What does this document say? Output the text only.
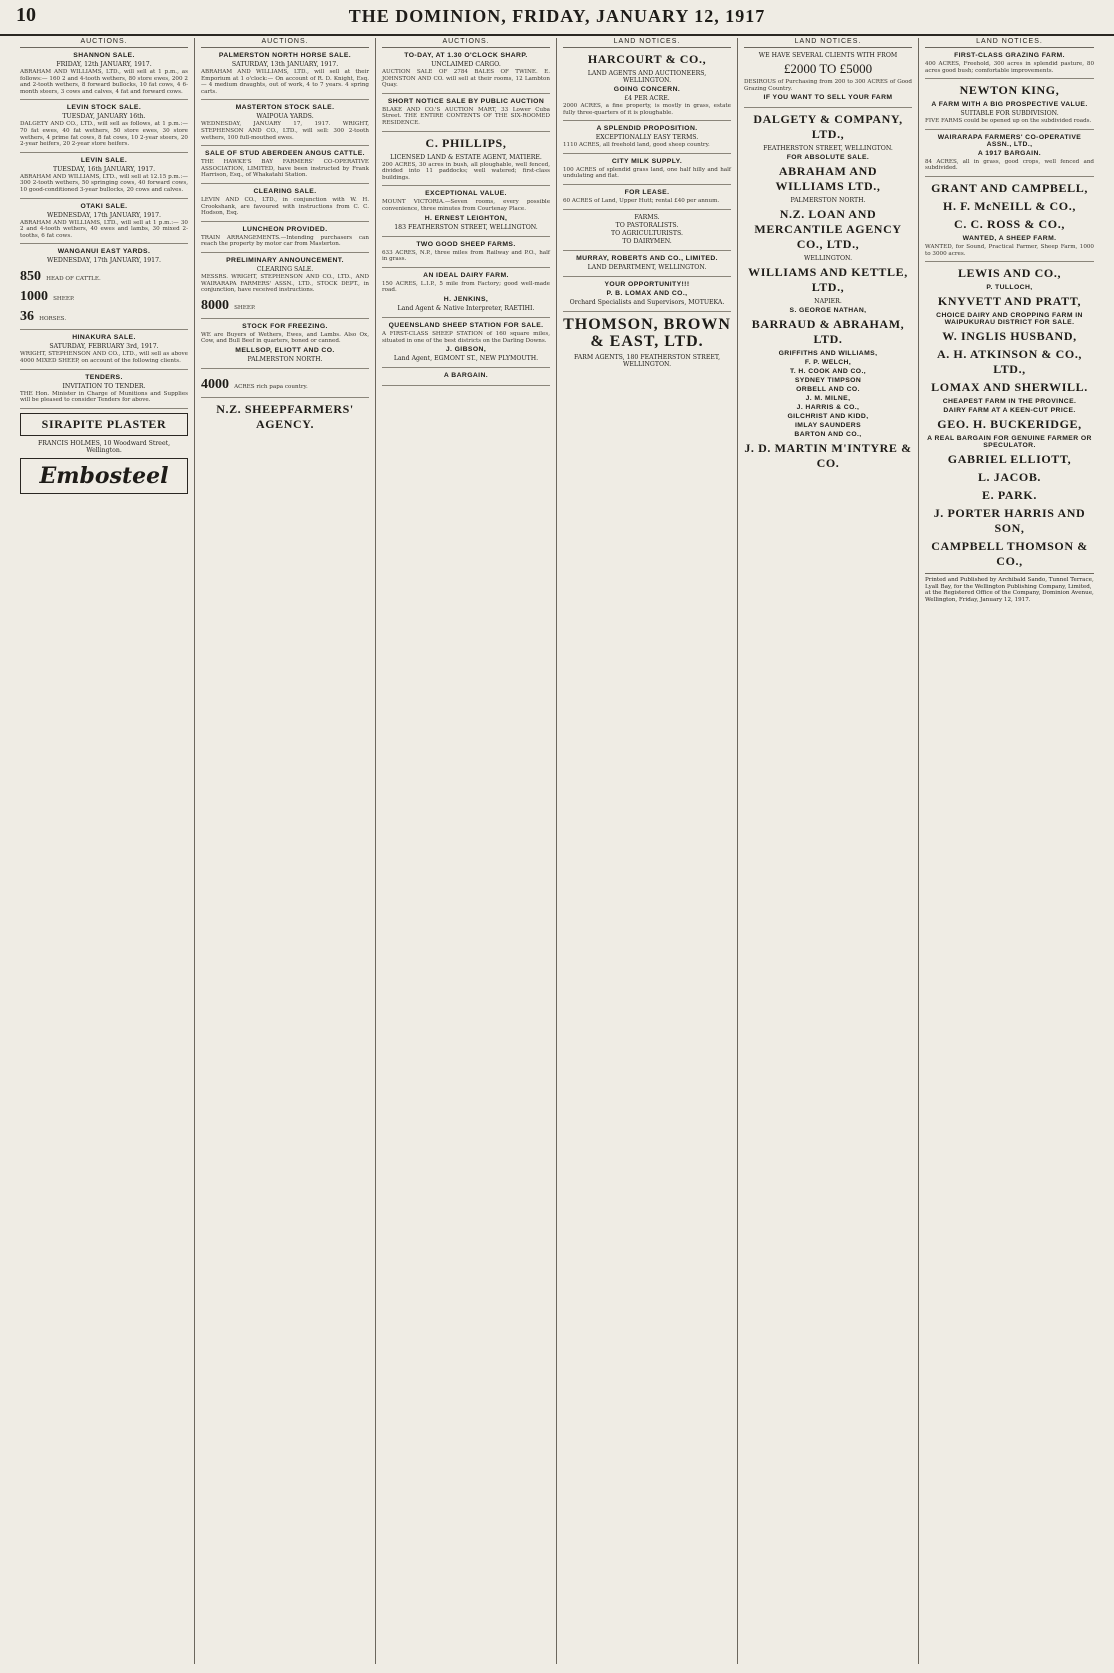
10	THE DOMINION, FRIDAY, JANUARY 12, 1917
AUCTIONS.
SHANNON SALE.
FRIDAY, 12th JANUARY, 1917.
ABRAHAM AND WILLIAMS, LTD., will sell at 1 p.m., as follows:— 160 2 and 4-tooth wethers, 80 store ewes, 200 2 and 2-tooth wethers, 8 forward bullocks, 10 fat cows, 4 6-month steers, 3 cows and calves, 4 fat and forward cows.
LEVIN STOCK SALE.
TUESDAY, JANUARY 16th.
DALGETY AND CO., LTD., will sell as follows, at 1 p.m.:— 70 fat ewes, 40 fat wethers, 50 store ewes, 30 store wethers, 4 prime fat cows, 8 fat cows, 10 2-year steers, 20 2-year heifers, 20 2-year store heifers.
LEVIN SALE.
TUESDAY, 16th JANUARY, 1917.
ABRAHAM AND WILLIAMS, LTD., will sell at 12.15 p.m.:— 300 2-tooth wethers, 50 springing cows, 40 forward cows, 10 good-conditioned 3-year bullocks, 20 cows and calves.
OTAKI SALE.
WEDNESDAY, 17th JANUARY, 1917.
ABRAHAM AND WILLIAMS, LTD., will sell at 1 p.m.:— 30 2 and 4-tooth wethers, 40 ewes and lambs, 30 mixed 2-tooths, 6 fat cows.
WANGANUI EAST YARDS.
WEDNESDAY, 17th JANUARY, 1917.
850 HEAD OF CATTLE.
1000 SHEEP.
36 HORSES.
HINAKURA SALE.
SATURDAY, FEBRUARY 3rd, 1917.
WRIGHT, STEPHENSON AND CO., LTD., will sell as above 4000 MIXED SHEEP, on account of the following clients.
TENDERS.
INVITATION TO TENDER.
THE Hon. Minister in Charge of Munitions and Supplies will be pleased to consider Tenders for above.
SIRAPITE PLASTER
FRANCIS HOLMES, 10 Woodward Street, Wellington.
Embosteel
AUCTIONS.
PALMERSTON NORTH HORSE SALE.
SATURDAY, 13th JANUARY, 1917.
ABRAHAM AND WILLIAMS, LTD., will sell at their Emporium at 1 o'clock:— On account of R. D. Knight, Esq.— 4 medium draughts, out of work, 4 to 7 years. 4 spring carts.
MASTERTON STOCK SALE.
WAIPOUA YARDS.
WEDNESDAY, JANUARY 17, 1917. WRIGHT, STEPHENSON AND CO., LTD., will sell: 300 2-tooth wethers, 100 full-mouthed ewes.
SALE OF STUD ABERDEEN ANGUS CATTLE.
THE HAWKE'S BAY FARMERS' CO-OPERATIVE ASSOCIATION, LIMITED, have been instructed by Frank Harrison, Esq., of Whakatahi Station.
CLEARING SALE.
LEVIN AND CO., LTD., in conjunction with W. H. Crookshank, are favoured with instructions from C. C. Hodson, Esq.
LUNCHEON PROVIDED.
TRAIN ARRANGEMENTS.—Intending purchasers can reach the property by motor car from Masterton.
PRELIMINARY ANNOUNCEMENT.
CLEARING SALE.
MESSRS. WRIGHT, STEPHENSON AND CO., LTD., AND WAIRARAPA FARMERS' ASSN., LTD., STOCK DEPT., in conjunction, have received instructions.
8000 SHEEP.
STOCK FOR FREEZING.
WE are Buyers of Wethers, Ewes, and Lambs. Also Ox, Cow, and Bull Beef in quarters, boned or canned.
MELLSOP, ELIOTT AND CO.
PALMERSTON NORTH.
4000 ACRES rich papa country.
N.Z. SHEEPFARMERS' AGENCY.
AUCTIONS.
TO-DAY, AT 1.30 O'CLOCK SHARP.
UNCLAIMED CARGO.
AUCTION SALE OF 2784 BALES OF TWINE. E. JOHNSTON AND CO. will sell at their rooms, 12 Lambton Quay.
SHORT NOTICE SALE BY PUBLIC AUCTION
BLAKE AND CO.'S AUCTION MART, 33 Lower Cuba Street. THE ENTIRE CONTENTS OF THE SIX-ROOMED RESIDENCE.
C. PHILLIPS,
LICENSED LAND & ESTATE AGENT, MATIERE.
200 ACRES, 30 acres in bush, all ploughable, well fenced, divided into 11 paddocks; well watered; first-class buildings.
EXCEPTIONAL VALUE.
MOUNT VICTORIA.—Seven rooms, every possible convenience, three minutes from Courtenay Place.
H. ERNEST LEIGHTON,
183 FEATHERSTON STREET, WELLINGTON.
TWO GOOD SHEEP FARMS.
633 ACRES, N.P., three miles from Railway and P.O., half in grass.
AN IDEAL DAIRY FARM.
150 ACRES, L.I.P., 5 mile from Factory; good well-made road.
H. JENKINS,
Land Agent & Native Interpreter, RAETIHI.
QUEENSLAND SHEEP STATION FOR SALE.
A FIRST-CLASS SHEEP STATION of 160 square miles, situated in one of the best districts on the Darling Downs.
J. GIBSON,
Land Agent, EGMONT ST., NEW PLYMOUTH.
A BARGAIN.
LAND NOTICES.
HARCOURT & CO.,
LAND AGENTS AND AUCTIONEERS, WELLINGTON.
GOING CONCERN.
£4 PER ACRE.
2000 ACRES, a fine property, is mostly in grass, estate fully three-quarters of it is ploughable.
A SPLENDID PROPOSITION.
EXCEPTIONALLY EASY TERMS.
1110 ACRES, all freehold land, good sheep country.
CITY MILK SUPPLY.
100 ACRES of splendid grass land, one half hilly and half undulating and flat.
FOR LEASE.
60 ACRES of Land, Upper Hutt; rental £40 per annum.
FARMS.
TO PASTORALISTS.
TO AGRICULTURISTS.
TO DAIRYMEN.
MURRAY, ROBERTS AND CO., LIMITED.
LAND DEPARTMENT, WELLINGTON.
YOUR OPPORTUNITY!!!
P. B. LOMAX AND CO.,
Orchard Specialists and Supervisors, MOTUEKA.
THOMSON, BROWN & EAST, LTD.
FARM AGENTS, 180 FEATHERSTON STREET, WELLINGTON.
LAND NOTICES.
WE HAVE SEVERAL CLIENTS WITH FROM
£2000 TO £5000
DESIROUS of Purchasing from 200 to 300 ACRES of Good Grazing Country.
IF YOU WANT TO SELL YOUR FARM
DALGETY & COMPANY, LTD.,
FEATHERSTON STREET, WELLINGTON.
FOR ABSOLUTE SALE.
ABRAHAM AND WILLIAMS LTD.,
PALMERSTON NORTH.
N.Z. LOAN AND MERCANTILE AGENCY CO., LTD.,
WELLINGTON.
WILLIAMS AND KETTLE, LTD.,
NAPIER.
S. GEORGE NATHAN,
BARRAUD & ABRAHAM, LTD.
GRIFFITHS AND WILLIAMS,
F. P. WELCH,
T. H. COOK AND CO.,
SYDNEY TIMPSON
ORBELL AND CO.
J. M. MILNE,
J. HARRIS & CO.,
GILCHRIST AND KIDD,
IMLAY SAUNDERS
BARTON AND CO.,
J. D. MARTIN M'INTYRE & CO.
LAND NOTICES.
FIRST-CLASS GRAZING FARM.
400 ACRES, Freehold, 300 acres in splendid pasture, 80 acres good bush; comfortable improvements.
NEWTON KING,
A FARM WITH A BIG PROSPECTIVE VALUE.
SUITABLE FOR SUBDIVISION.
FIVE FARMS could be opened up on the subdivided roads.
WAIRARAPA FARMERS' CO-OPERATIVE ASSN., LTD.,
A 1917 BARGAIN.
84 ACRES, all in grass, good crops, well fenced and subdivided.
GRANT AND CAMPBELL,
H. F. McNEILL & CO.,
C. C. ROSS & CO.,
WANTED, A SHEEP FARM.
WANTED, for Sound, Practical Farmer, Sheep Farm, 1000 to 3000 acres.
LEWIS AND CO.,
P. TULLOCH,
KNYVETT AND PRATT,
CHOICE DAIRY AND CROPPING FARM IN WAIPUKURAU DISTRICT FOR SALE.
W. INGLIS HUSBAND,
A. H. ATKINSON & CO., LTD.,
LOMAX AND SHERWILL.
CHEAPEST FARM IN THE PROVINCE.
DAIRY FARM AT A KEEN-CUT PRICE.
GEO. H. BUCKERIDGE,
A REAL BARGAIN FOR GENUINE FARMER OR SPECULATOR.
GABRIEL ELLIOTT,
L. JACOB.
E. PARK.
J. PORTER HARRIS AND SON,
CAMPBELL THOMSON & CO.,
Printed and Published by Archibald Sando, Tunnel Terrace, Lyall Bay, for the Wellington Publishing Company, Limited, at the Registered Office of the Company, Dominion Avenue, Wellington, Friday, January 12, 1917.
